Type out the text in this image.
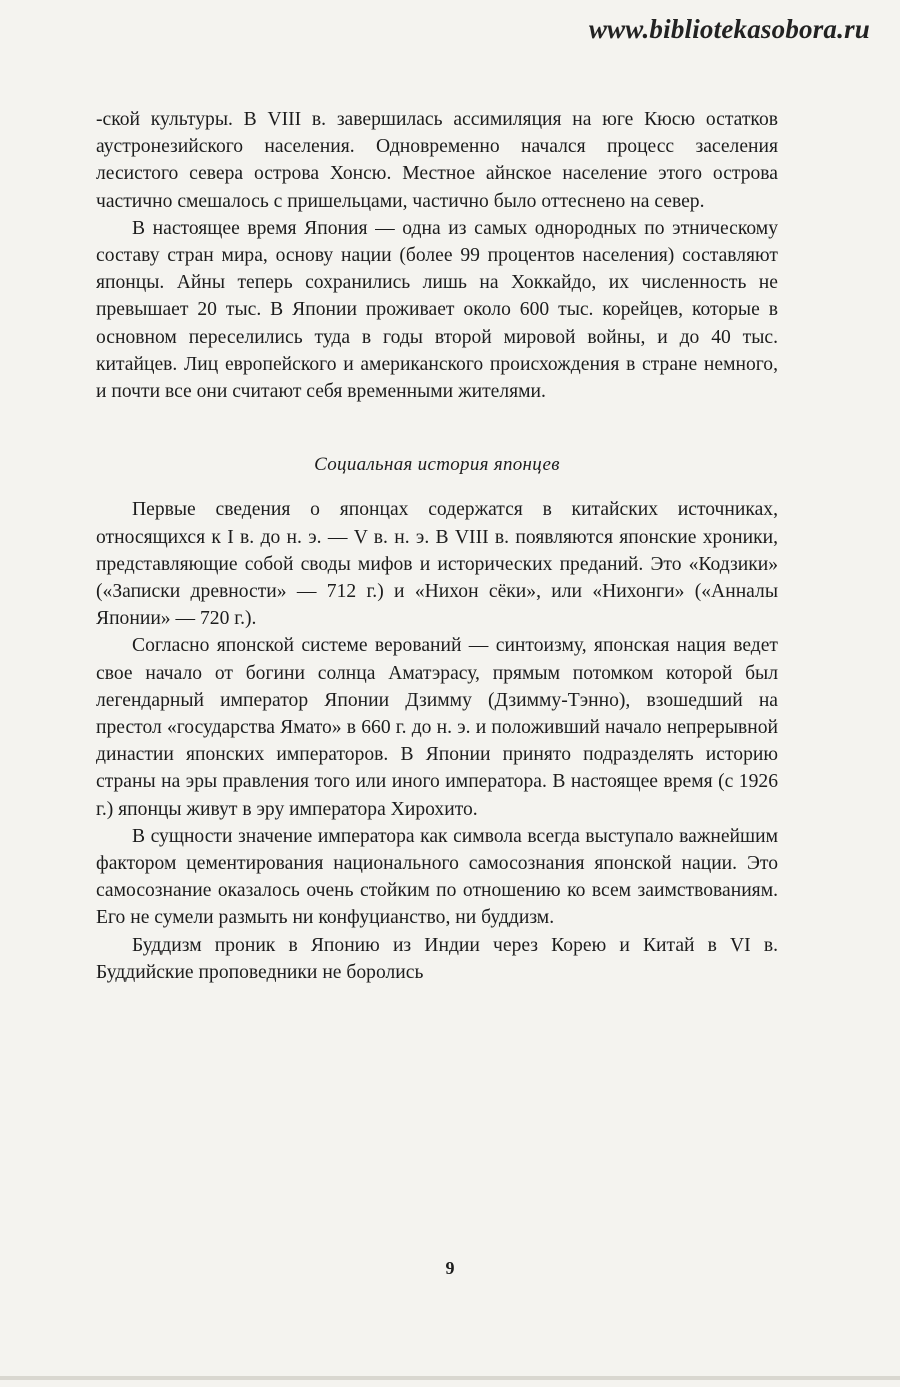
www.bibliotekasobora.ru

-ской культуры. В VIII в. завершилась ассимиляция на юге Кюсю остатков аустронезийского населения. Одновременно начался процесс заселения лесистого севера острова Хонсю. Местное айнское население этого острова частично смешалось с пришельцами, частично было оттеснено на север.

В настоящее время Япония — одна из самых однородных по этническому составу стран мира, основу нации (более 99 процентов населения) составляют японцы. Айны теперь сохранились лишь на Хоккайдо, их численность не превышает 20 тыс. В Японии проживает около 600 тыс. корейцев, которые в основном переселились туда в годы второй мировой войны, и до 40 тыс. китайцев. Лиц европейского и американского происхождения в стране немного, и почти все они считают себя временными жителями.

Социальная история японцев

Первые сведения о японцах содержатся в китайских источниках, относящихся к I в. до н. э. — V в. н. э. В VIII в. появляются японские хроники, представляющие собой своды мифов и исторических преданий. Это «Кодзики» («Записки древности» — 712 г.) и «Нихон сёки», или «Нихонги» («Анналы Японии» — 720 г.).

Согласно японской системе верований — синтоизму, японская нация ведет свое начало от богини солнца Аматэрасу, прямым потомком которой был легендарный император Японии Дзимму (Дзимму-Тэнно), взошедший на престол «государства Ямато» в 660 г. до н. э. и положивший начало непрерывной династии японских императоров. В Японии принято подразделять историю страны на эры правления того или иного императора. В настоящее время (с 1926 г.) японцы живут в эру императора Хирохито.

В сущности значение императора как символа всегда выступало важнейшим фактором цементирования национального самосознания японской нации. Это самосознание оказалось очень стойким по отношению ко всем заимствованиям. Его не сумели размыть ни конфуцианство, ни буддизм.

Буддизм проник в Японию из Индии через Корею и Китай в VI в. Буддийские проповедники не боролись

9
